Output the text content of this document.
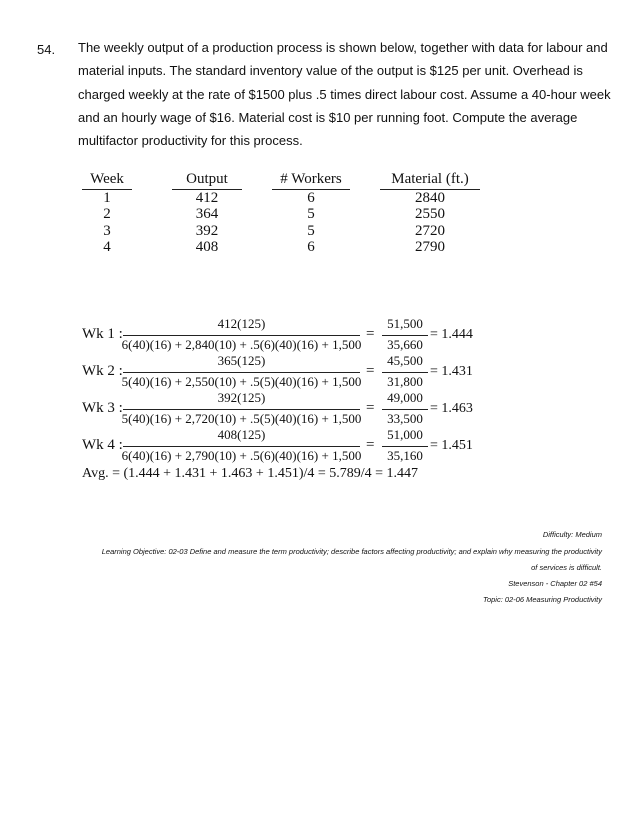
54. The weekly output of a production process is shown below, together with data for labour and
material inputs. The standard inventory value of the output is $125 per unit. Overhead is
charged weekly at the rate of $1500 plus .5 times direct labour cost. Assume a 40-hour week
and an hourly wage of $16. Material cost is $10 per running foot. Compute the average
multifactor productivity for this process.
Week		Output		# Workers		Material (ft.)
1		412		6		2840
2		364		5		2550
3		392		5		2720
4		408		6		2790
Wk 1 :
412(125)
6(40)(16) + 2,840(10) + .5(6)(40)(16) + 1,500
=
51,500
35,660
= 1.444
Wk 2 :
365(125)
5(40)(16) + 2,550(10) + .5(5)(40)(16) + 1,500
=
45,500
31,800
= 1.431
Wk 3 :
392(125)
5(40)(16) + 2,720(10) + .5(5)(40)(16) + 1,500
=
49,000
33,500
= 1.463
Wk 4 :
408(125)
6(40)(16) + 2,790(10) + .5(6)(40)(16) + 1,500
=
51,000
35,160
= 1.451
Avg. = (1.444 + 1.431 + 1.463 + 1.451)/4 = 5.789/4 = 1.447
Difficulty: Medium
Learning Objective: 02-03 Define and measure the term productivity; describe factors affecting productivity; and explain why measuring the productivity
of services is difficult.
Stevenson - Chapter 02 #54
Topic: 02-06 Measuring Productivity
